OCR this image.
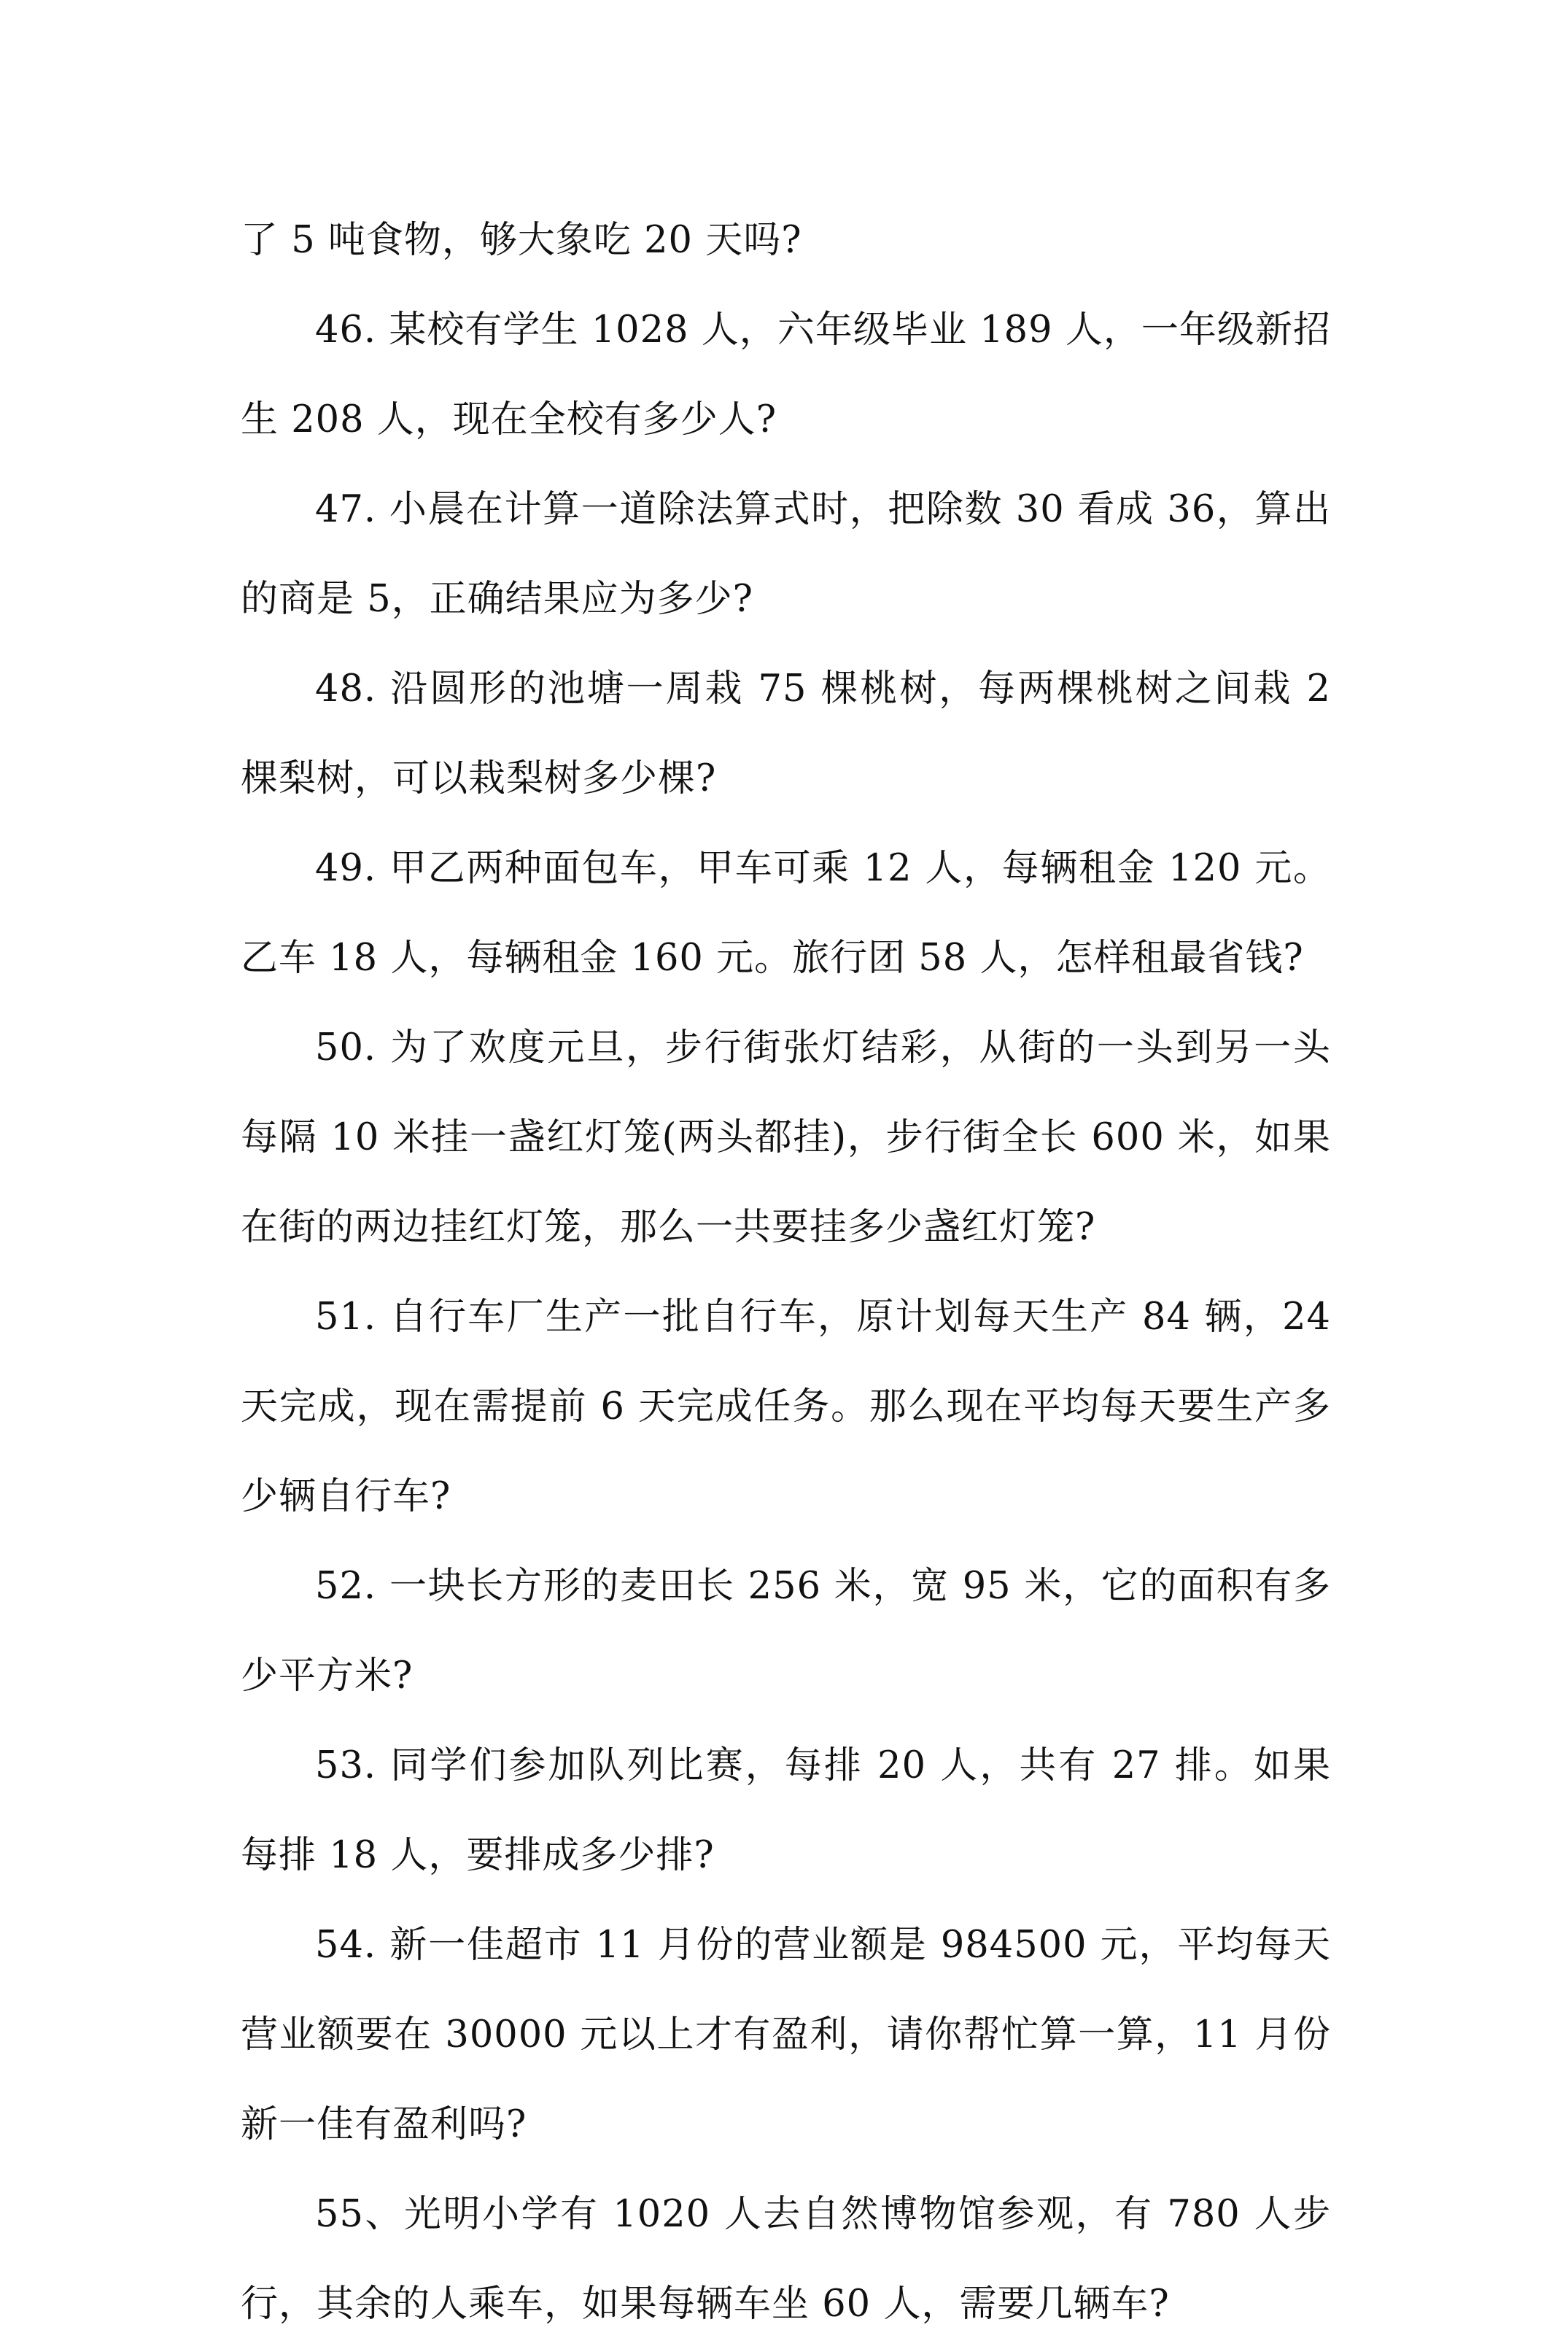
了 5 吨食物，够大象吃 20 天吗?

46. 某校有学生 1028 人，六年级毕业 189 人，一年级新招生 208 人，现在全校有多少人?

47. 小晨在计算一道除法算式时，把除数 30 看成 36，算出的商是 5，正确结果应为多少?

48. 沿圆形的池塘一周栽 75 棵桃树，每两棵桃树之间栽 2 棵梨树，可以栽梨树多少棵?

49. 甲乙两种面包车，甲车可乘 12 人，每辆租金 120 元。乙车 18 人，每辆租金 160 元。旅行团 58 人，怎样租最省钱?

50. 为了欢度元旦，步行街张灯结彩，从街的一头到另一头每隔 10 米挂一盏红灯笼(两头都挂)，步行街全长 600 米，如果在街的两边挂红灯笼，那么一共要挂多少盏红灯笼?

51. 自行车厂生产一批自行车，原计划每天生产 84 辆，24 天完成，现在需提前 6 天完成任务。那么现在平均每天要生产多少辆自行车?

52. 一块长方形的麦田长 256 米，宽 95 米，它的面积有多少平方米?

53. 同学们参加队列比赛，每排 20 人，共有 27 排。如果每排 18 人，要排成多少排?

54. 新一佳超市 11 月份的营业额是 984500 元，平均每天营业额要在 30000 元以上才有盈利，请你帮忙算一算，11 月份新一佳有盈利吗?

55、光明小学有 1020 人去自然博物馆参观，有 780 人步行，其余的人乘车，如果每辆车坐 60 人，需要几辆车?
